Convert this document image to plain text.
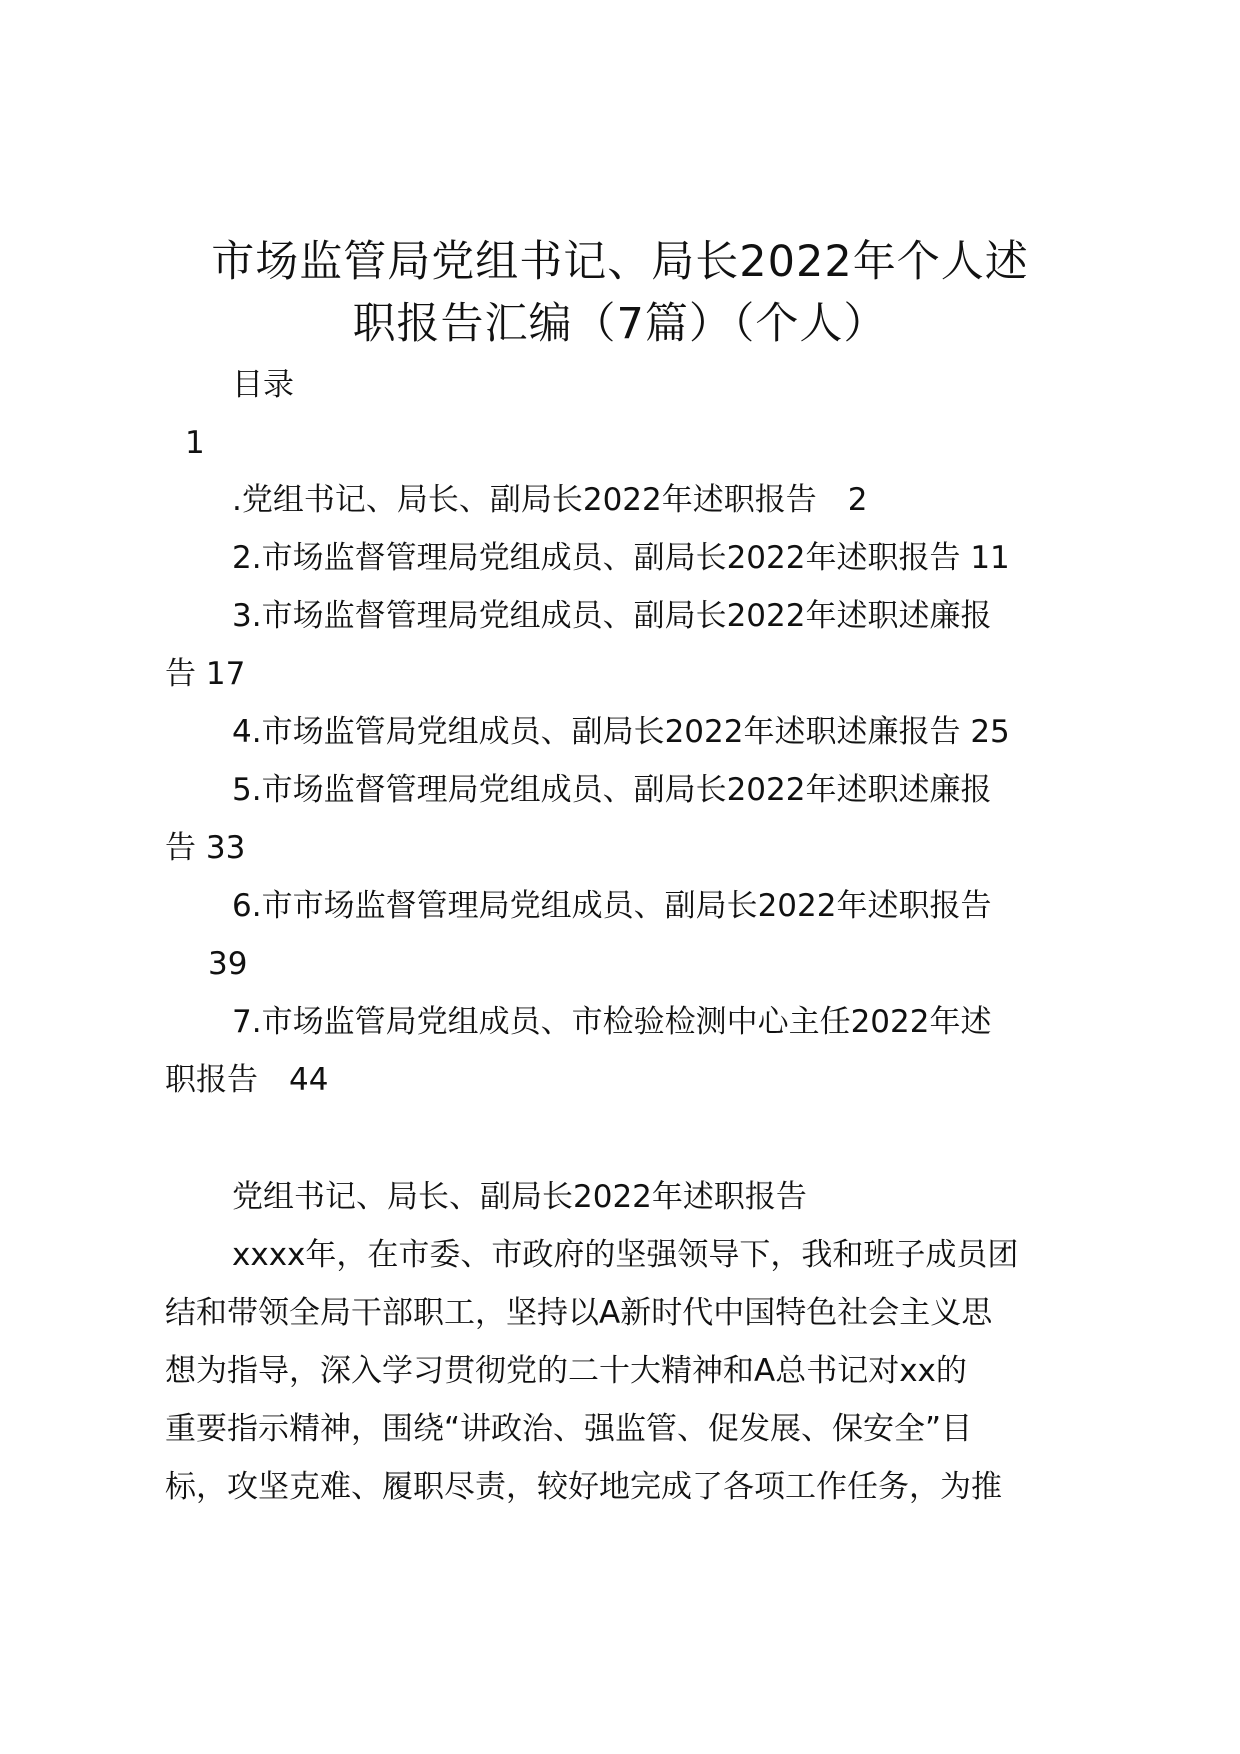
市场监管局党组书记、局长2022年个人述
职报告汇编（7篇）（个人）

目录

1

.党组书记、局长、副局长2022年述职报告　2

2.市场监督管理局党组成员、副局长2022年述职报告 11

3.市场监督管理局党组成员、副局长2022年述职述廉报

告 17

4.市场监管局党组成员、副局长2022年述职述廉报告 25

5.市场监督管理局党组成员、副局长2022年述职述廉报

告 33

6.市市场监督管理局党组成员、副局长2022年述职报告

39

7.市场监管局党组成员、市检验检测中心主任2022年述

职报告　44

党组书记、局长、副局长2022年述职报告

xxxx年，在市委、市政府的坚强领导下，我和班子成员团

结和带领全局干部职工，坚持以A新时代中国特色社会主义思

想为指导，深入学习贯彻党的二十大精神和A总书记对xx的

重要指示精神，围绕“讲政治、强监管、促发展、保安全”目

标，攻坚克难、履职尽责，较好地完成了各项工作任务，为推
